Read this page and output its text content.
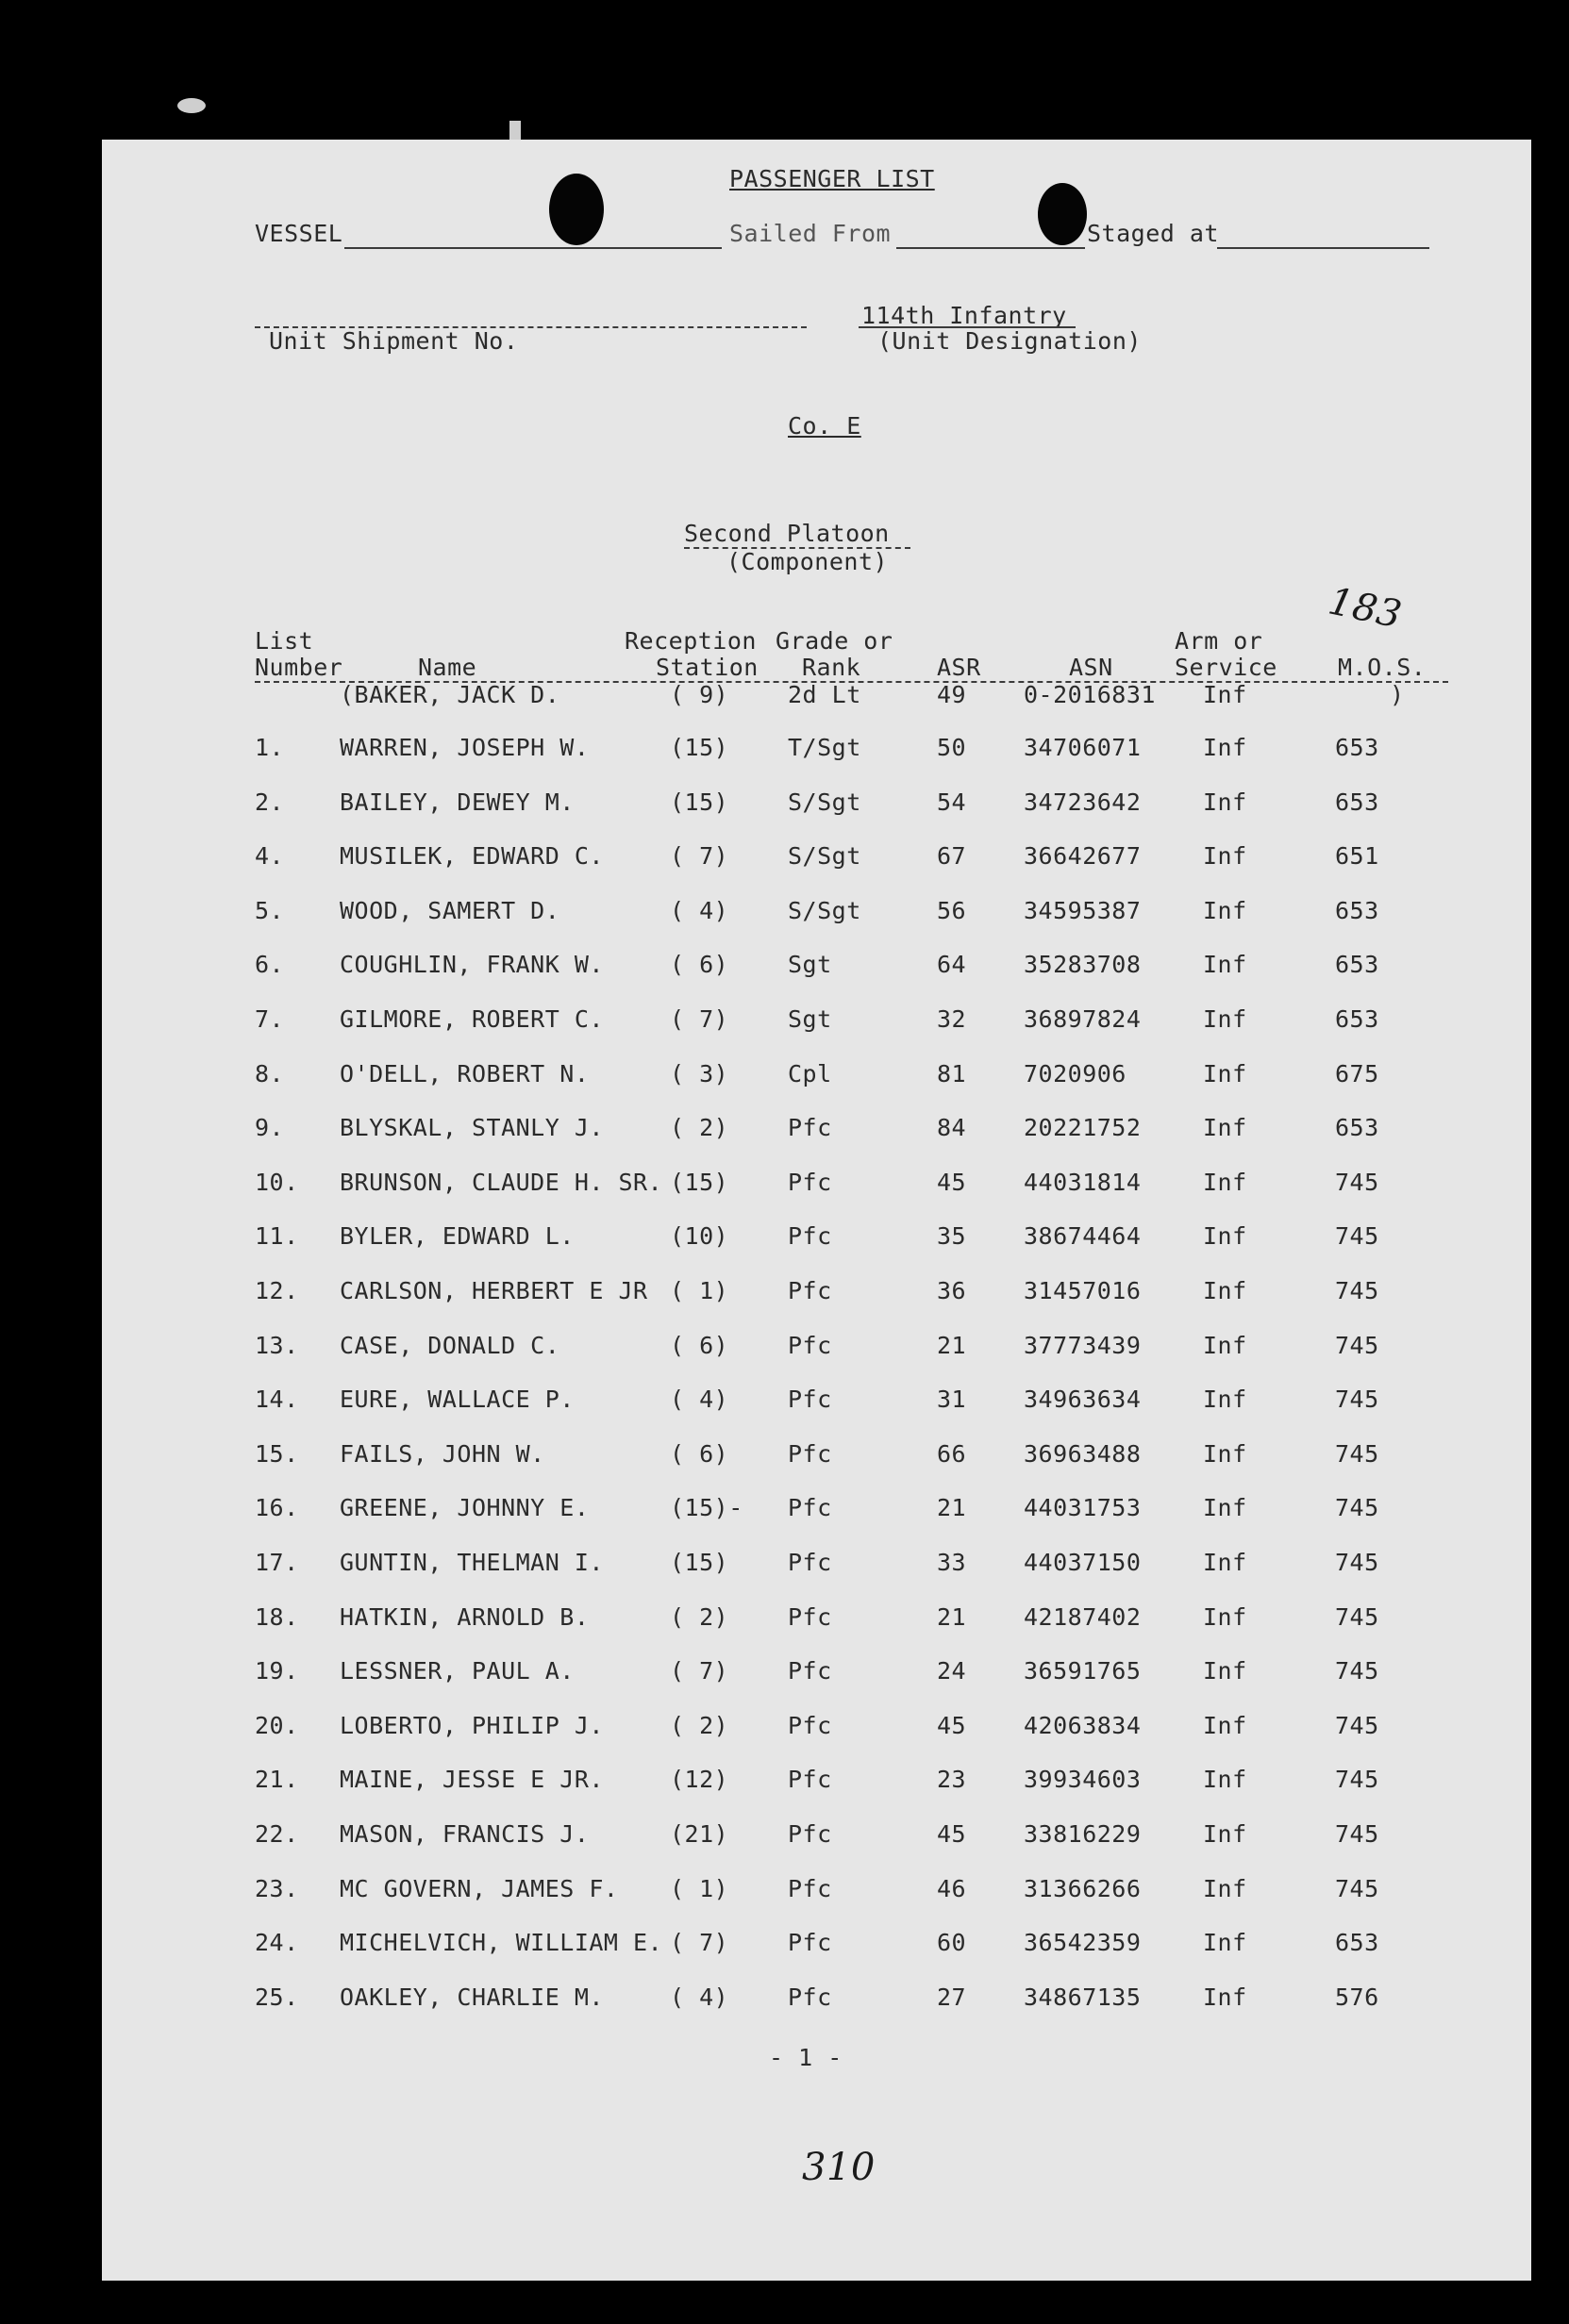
PASSENGER LIST
VESSEL	Sailed From	Staged at
Unit Shipment No.
114th Infantry
(Unit Designation)
Co. E
Second Platoon
(Component)
183
List
Number	Name
Reception
Station
Grade or
Rank	ASR	ASN
Arm or
Service	M.O.S.
(BAKER, JACK D.	( 9)	2d Lt	49 0-2016831 Inf	)
1. WARREN, JOSEPH W.	(15)	T/Sgt	50 34706071	Inf	653
2. BAILEY, DEWEY M.	(15)	S/Sgt	54 34723642	Inf	653
4. MUSILEK, EDWARD C.	( 7)	S/Sgt	67 36642677	Inf	651
5. WOOD, SAMERT D.	( 4)	S/Sgt	56 34595387	Inf	653
6. COUGHLIN, FRANK W.	( 6)	Sgt	64 35283708	Inf	653
7. GILMORE, ROBERT C.	( 7)	Sgt	32 36897824	Inf	653
8. O'DELL, ROBERT N.	( 3)	Cpl	81 7020906	Inf	675
9. BLYSKAL, STANLY J.	( 2)	Pfc	84 20221752	Inf	653
10. BRUNSON, CLAUDE H. SR. (15)	Pfc	45 44031814	Inf	745
11. BYLER, EDWARD L.	(10)	Pfc	35 38674464	Inf	745
12. CARLSON, HERBERT E JR ( 1)	Pfc	36 31457016	Inf	745
13. CASE, DONALD C.	( 6)	Pfc	21 37773439	Inf	745
14. EURE, WALLACE P.	( 4)	Pfc	31 34963634	Inf	745
15. FAILS, JOHN W.	( 6)	Pfc	66 36963488	Inf	745
16. GREENE, JOHNNY E.	(15)- Pfc	21 44031753	Inf	745
17. GUNTIN, THELMAN I.	(15)	Pfc	33 44037150	Inf	745
18. HATKIN, ARNOLD B.	( 2)	Pfc	21 42187402	Inf	745
19. LESSNER, PAUL A.	( 7)	Pfc	24 36591765	Inf	745
20. LOBERTO, PHILIP J.	( 2)	Pfc	45 42063834	Inf	745
21. MAINE, JESSE E JR.	(12)	Pfc	23 39934603	Inf	745
22. MASON, FRANCIS J.	(21)	Pfc	45 33816229	Inf	745
23. MC GOVERN, JAMES F. ( 1)	Pfc	46 31366266	Inf	745
24. MICHELVICH, WILLIAM E. ( 7)	Pfc	60 36542359	Inf	653
25. OAKLEY, CHARLIE M.	( 4)	Pfc	27 34867135	Inf	576
- 1 -
310
